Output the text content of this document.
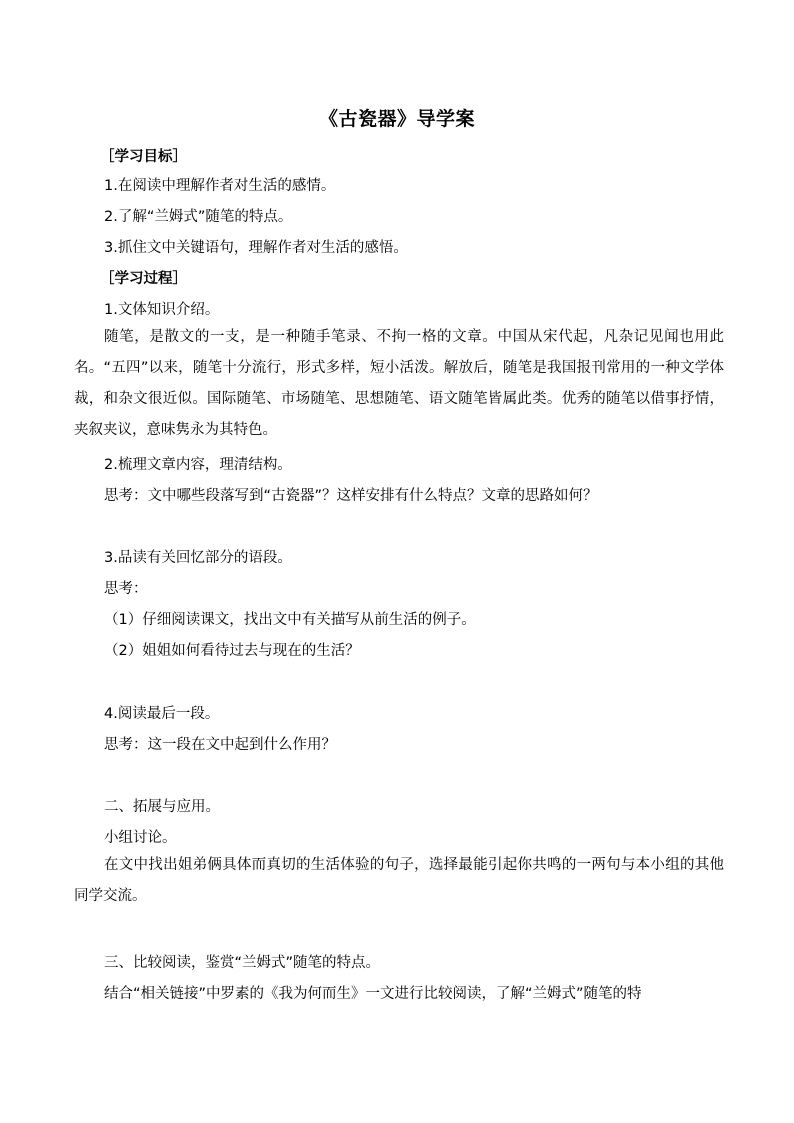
《古瓷器》导学案
［学习目标］
1.在阅读中理解作者对生活的感情。
2.了解“兰姆式”随笔的特点。
3.抓住文中关键语句，理解作者对生活的感悟。
［学习过程］
1.文体知识介绍。
随笔，是散文的一支，是一种随手笔录、不拘一格的文章。中国从宋代起，凡杂记见闻也用此名。“五四”以来，随笔十分流行，形式多样，短小活泼。解放后，随笔是我国报刊常用的一种文学体裁，和杂文很近似。国际随笔、市场随笔、思想随笔、语文随笔皆属此类。优秀的随笔以借事抒情，夹叙夹议，意味隽永为其特色。
2.梳理文章内容，理清结构。
思考：文中哪些段落写到“古瓷器”？这样安排有什么特点？文章的思路如何？
3.品读有关回忆部分的语段。
思考：
（1）仔细阅读课文，找出文中有关描写从前生活的例子。
（2）姐姐如何看待过去与现在的生活？
4.阅读最后一段。
思考：这一段在文中起到什么作用？
二、拓展与应用。
小组讨论。
在文中找出姐弟俩具体而真切的生活体验的句子，选择最能引起你共鸣的一两句与本小组的其他同学交流。
三、比较阅读，鉴赏“兰姆式”随笔的特点。
结合“相关链接”中罗素的《我为何而生》一文进行比较阅读，了解“兰姆式”随笔的特
